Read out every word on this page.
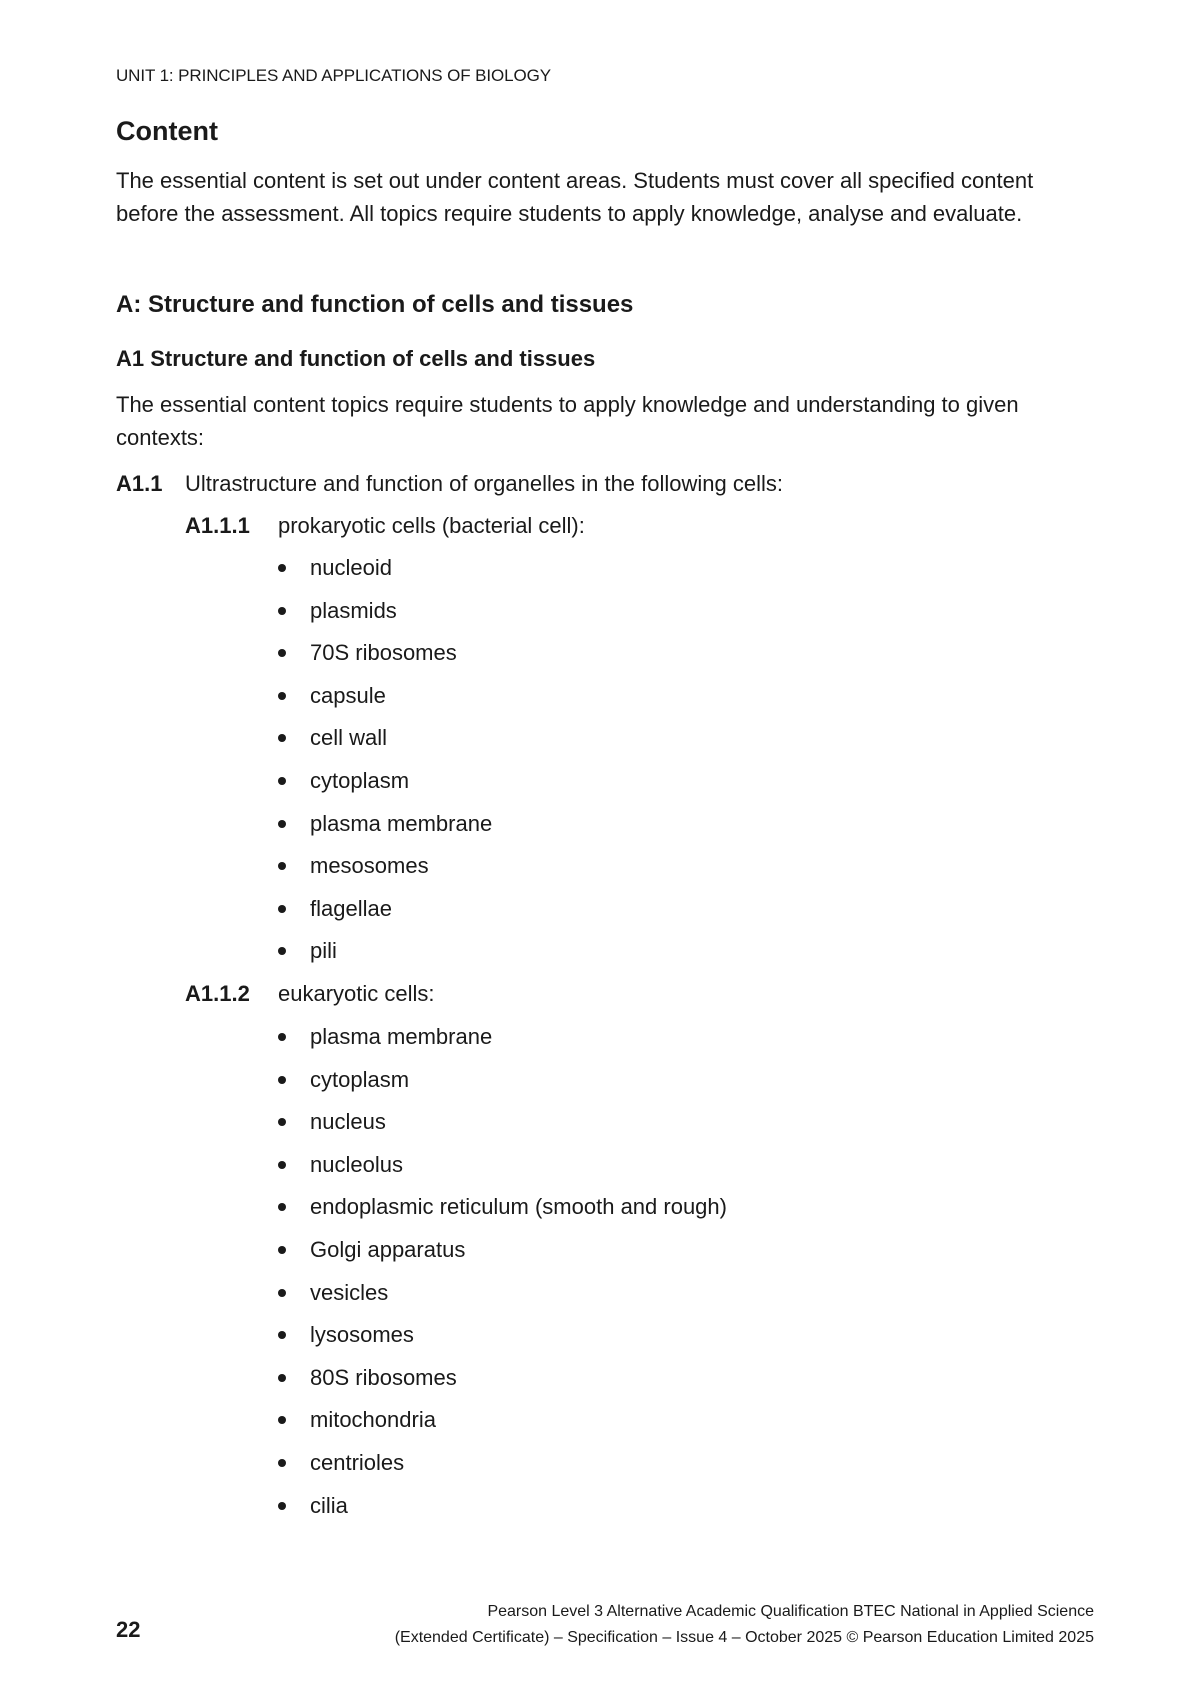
UNIT 1: PRINCIPLES AND APPLICATIONS OF BIOLOGY
Content

The essential content is set out under content areas. Students must cover all specified content before the assessment. All topics require students to apply knowledge, analyse and evaluate.

A: Structure and function of cells and tissues
A1 Structure and function of cells and tissues

The essential content topics require students to apply knowledge and understanding to given contexts:

A1.1 Ultrastructure and function of organelles in the following cells:
A1.1.1 prokaryotic cells (bacterial cell):
nucleoid
plasmids
70S ribosomes
capsule
cell wall
cytoplasm
plasma membrane
mesosomes
flagellae
pili
A1.1.2 eukaryotic cells:
plasma membrane
cytoplasm
nucleus
nucleolus
endoplasmic reticulum (smooth and rough)
Golgi apparatus
vesicles
lysosomes
80S ribosomes
mitochondria
centrioles
cilia
22
Pearson Level 3 Alternative Academic Qualification BTEC National in Applied Science
(Extended Certificate) – Specification – Issue 4 – October 2025 © Pearson Education Limited 2025
